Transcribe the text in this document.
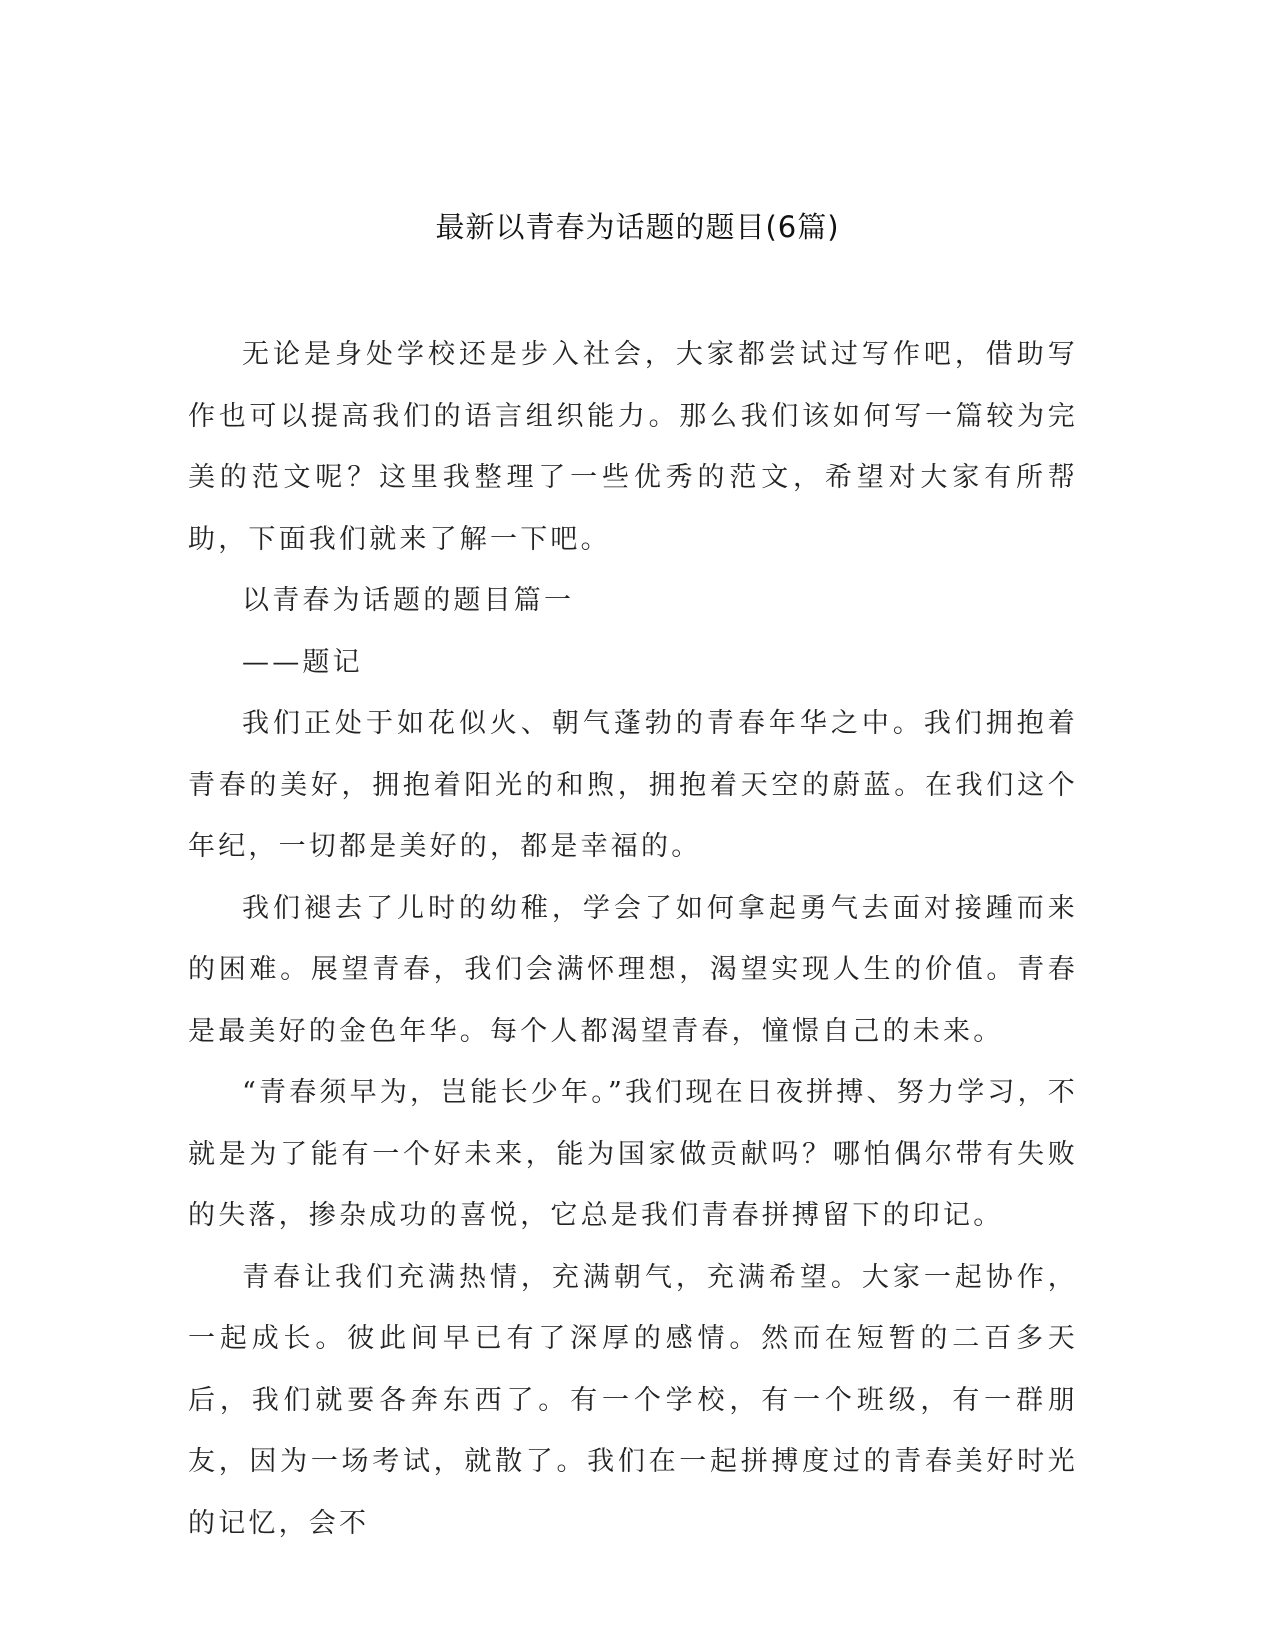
最新以青春为话题的题目(6篇)

无论是身处学校还是步入社会，大家都尝试过写作吧，借助写作也可以提高我们的语言组织能力。那么我们该如何写一篇较为完美的范文呢？这里我整理了一些优秀的范文，希望对大家有所帮助，下面我们就来了解一下吧。

以青春为话题的题目篇一

——题记

我们正处于如花似火、朝气蓬勃的青春年华之中。我们拥抱着青春的美好，拥抱着阳光的和煦，拥抱着天空的蔚蓝。在我们这个年纪，一切都是美好的，都是幸福的。

我们褪去了儿时的幼稚，学会了如何拿起勇气去面对接踵而来的困难。展望青春，我们会满怀理想，渴望实现人生的价值。青春是最美好的金色年华。每个人都渴望青春，憧憬自己的未来。

“青春须早为，岂能长少年。”我们现在日夜拼搏、努力学习，不就是为了能有一个好未来，能为国家做贡献吗？哪怕偶尔带有失败的失落，掺杂成功的喜悦，它总是我们青春拼搏留下的印记。

青春让我们充满热情，充满朝气，充满希望。大家一起协作，一起成长。彼此间早已有了深厚的感情。然而在短暂的二百多天后，我们就要各奔东西了。有一个学校，有一个班级，有一群朋友，因为一场考试，就散了。我们在一起拼搏度过的青春美好时光的记忆，会不
